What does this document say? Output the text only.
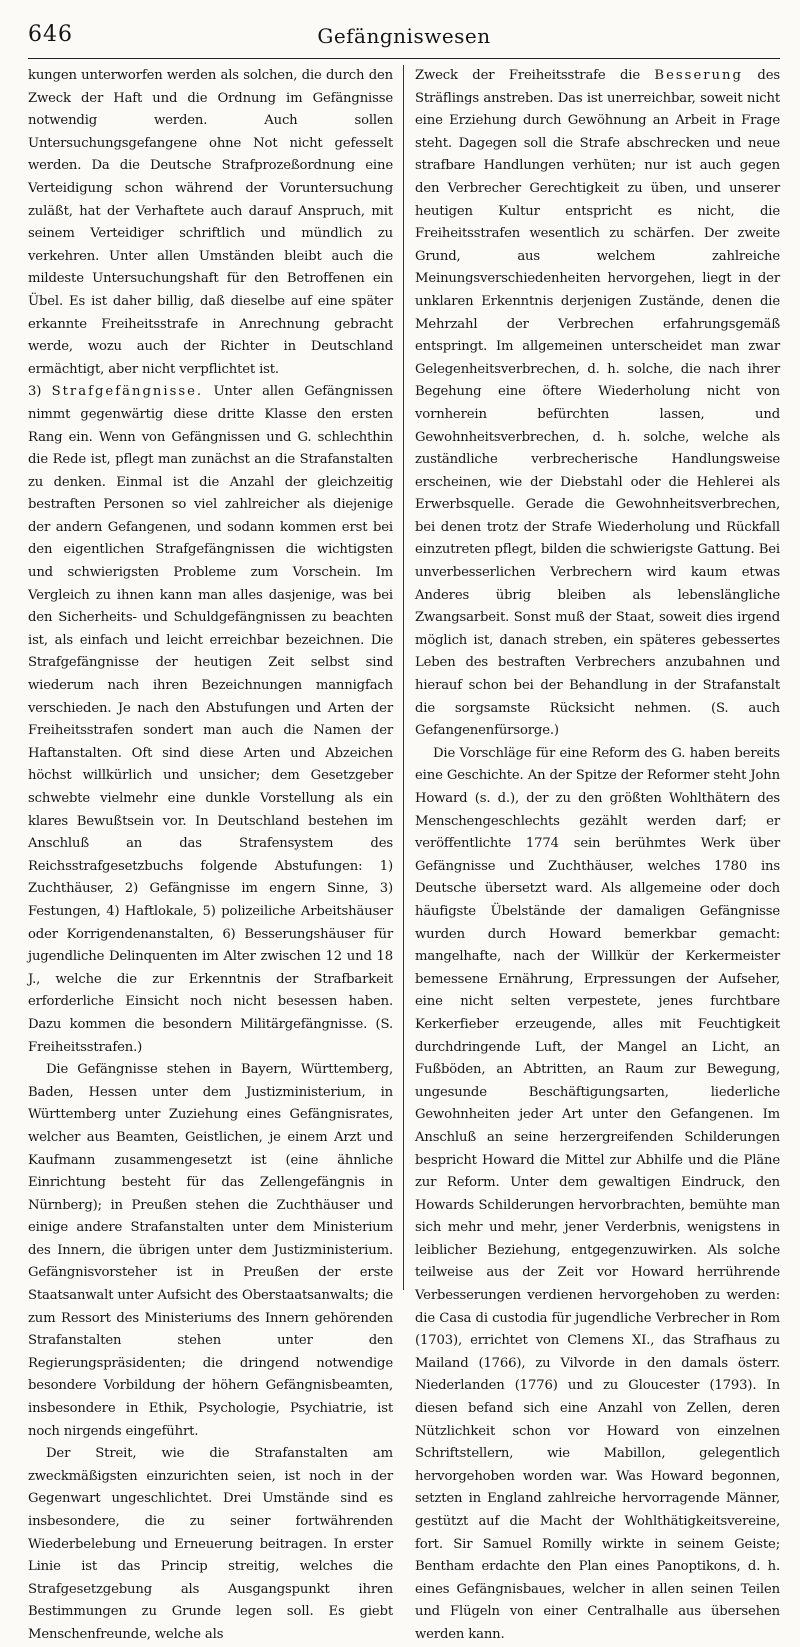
646	Gefängniswesen

kungen unterworfen werden als solchen, die durch den Zweck der Haft und die Ordnung im Gefängnisse notwendig werden. Auch sollen Untersuchungsgefangene ohne Not nicht gefesselt werden. Da die Deutsche Strafprozeßordnung eine Verteidigung schon während der Voruntersuchung zuläßt, hat der Verhaftete auch darauf Anspruch, mit seinem Verteidiger schriftlich und mündlich zu verkehren. Unter allen Umständen bleibt auch die mildeste Untersuchungshaft für den Betroffenen ein Übel. Es ist daher billig, daß dieselbe auf eine später erkannte Freiheitsstrafe in Anrechnung gebracht werde, wozu auch der Richter in Deutschland ermächtigt, aber nicht verpflichtet ist.

3) Strafgefängnisse. Unter allen Gefängnissen nimmt gegenwärtig diese dritte Klasse den ersten Rang ein. Wenn von Gefängnissen und G. schlechthin die Rede ist, pflegt man zunächst an die Strafanstalten zu denken. Einmal ist die Anzahl der gleichzeitig bestraften Personen so viel zahlreicher als diejenige der andern Gefangenen, und sodann kommen erst bei den eigentlichen Strafgefängnissen die wichtigsten und schwierigsten Probleme zum Vorschein. Im Vergleich zu ihnen kann man alles dasjenige, was bei den Sicherheits- und Schuldgefängnissen zu beachten ist, als einfach und leicht erreichbar bezeichnen. Die Strafgefängnisse der heutigen Zeit selbst sind wiederum nach ihren Bezeichnungen mannigfach verschieden. Je nach den Abstufungen und Arten der Freiheitsstrafen sondert man auch die Namen der Haftanstalten. Oft sind diese Arten und Abzeichen höchst willkürlich und unsicher; dem Gesetzgeber schwebte vielmehr eine dunkle Vorstellung als ein klares Bewußtsein vor. In Deutschland bestehen im Anschluß an das Strafensystem des Reichsstrafgesetzbuchs folgende Abstufungen: 1) Zuchthäuser, 2) Gefängnisse im engern Sinne, 3) Festungen, 4) Haftlokale, 5) polizeiliche Arbeitshäuser oder Korrigendenanstalten, 6) Besserungshäuser für jugendliche Delinquenten im Alter zwischen 12 und 18 J., welche die zur Erkenntnis der Strafbarkeit erforderliche Einsicht noch nicht besessen haben. Dazu kommen die besondern Militärgefängnisse. (S. Freiheitsstrafen.)

Die Gefängnisse stehen in Bayern, Württemberg, Baden, Hessen unter dem Justizministerium, in Württemberg unter Zuziehung eines Gefängnisrates, welcher aus Beamten, Geistlichen, je einem Arzt und Kaufmann zusammengesetzt ist (eine ähnliche Einrichtung besteht für das Zellengefängnis in Nürnberg); in Preußen stehen die Zuchthäuser und einige andere Strafanstalten unter dem Ministerium des Innern, die übrigen unter dem Justizministerium. Gefängnisvorsteher ist in Preußen der erste Staatsanwalt unter Aufsicht des Oberstaatsanwalts; die zum Ressort des Ministeriums des Innern gehörenden Strafanstalten stehen unter den Regierungspräsidenten; die dringend notwendige besondere Vorbildung der höhern Gefängnisbeamten, insbesondere in Ethik, Psychologie, Psychiatrie, ist noch nirgends eingeführt.

Der Streit, wie die Strafanstalten am zweckmäßigsten einzurichten seien, ist noch in der Gegenwart ungeschlichtet. Drei Umstände sind es insbesondere, die zu seiner fortwährenden Wiederbelebung und Erneuerung beitragen. In erster Linie ist das Princip streitig, welches die Strafgesetzgebung als Ausgangspunkt ihren Bestimmungen zu Grunde legen soll. Es giebt Menschenfreunde, welche als

Zweck der Freiheitsstrafe die Besserung des Sträflings anstreben. Das ist unerreichbar, soweit nicht eine Erziehung durch Gewöhnung an Arbeit in Frage steht. Dagegen soll die Strafe abschrecken und neue strafbare Handlungen verhüten; nur ist auch gegen den Verbrecher Gerechtigkeit zu üben, und unserer heutigen Kultur entspricht es nicht, die Freiheitsstrafen wesentlich zu schärfen. Der zweite Grund, aus welchem zahlreiche Meinungsverschiedenheiten hervorgehen, liegt in der unklaren Erkenntnis derjenigen Zustände, denen die Mehrzahl der Verbrechen erfahrungsgemäß entspringt. Im allgemeinen unterscheidet man zwar Gelegenheitsverbrechen, d. h. solche, die nach ihrer Begehung eine öftere Wiederholung nicht von vornherein befürchten lassen, und Gewohnheitsverbrechen, d. h. solche, welche als zuständliche verbrecherische Handlungsweise erscheinen, wie der Diebstahl oder die Hehlerei als Erwerbsquelle. Gerade die Gewohnheitsverbrechen, bei denen trotz der Strafe Wiederholung und Rückfall einzutreten pflegt, bilden die schwierigste Gattung. Bei unverbesserlichen Verbrechern wird kaum etwas Anderes übrig bleiben als lebenslängliche Zwangsarbeit. Sonst muß der Staat, soweit dies irgend möglich ist, danach streben, ein späteres gebessertes Leben des bestraften Verbrechers anzubahnen und hierauf schon bei der Behandlung in der Strafanstalt die sorgsamste Rücksicht nehmen. (S. auch Gefangenenfürsorge.)

Die Vorschläge für eine Reform des G. haben bereits eine Geschichte. An der Spitze der Reformer steht John Howard (s. d.), der zu den größten Wohlthätern des Menschengeschlechts gezählt werden darf; er veröffentlichte 1774 sein berühmtes Werk über Gefängnisse und Zuchthäuser, welches 1780 ins Deutsche übersetzt ward. Als allgemeine oder doch häufigste Übelstände der damaligen Gefängnisse wurden durch Howard bemerkbar gemacht: mangelhafte, nach der Willkür der Kerkermeister bemessene Ernährung, Erpressungen der Aufseher, eine nicht selten verpestete, jenes furchtbare Kerkerfieber erzeugende, alles mit Feuchtigkeit durchdringende Luft, der Mangel an Licht, an Fußböden, an Abtritten, an Raum zur Bewegung, ungesunde Beschäftigungsarten, liederliche Gewohnheiten jeder Art unter den Gefangenen. Im Anschluß an seine herzergreifenden Schilderungen bespricht Howard die Mittel zur Abhilfe und die Pläne zur Reform. Unter dem gewaltigen Eindruck, den Howards Schilderungen hervorbrachten, bemühte man sich mehr und mehr, jener Verderbnis, wenigstens in leiblicher Beziehung, entgegenzuwirken. Als solche teilweise aus der Zeit vor Howard herrührende Verbesserungen verdienen hervorgehoben zu werden: die Casa di custodia für jugendliche Verbrecher in Rom (1703), errichtet von Clemens XI., das Strafhaus zu Mailand (1766), zu Vilvorde in den damals österr. Niederlanden (1776) und zu Gloucester (1793). In diesen befand sich eine Anzahl von Zellen, deren Nützlichkeit schon vor Howard von einzelnen Schriftstellern, wie Mabillon, gelegentlich hervorgehoben worden war. Was Howard begonnen, setzten in England zahlreiche hervorragende Männer, gestützt auf die Macht der Wohlthätigkeitsvereine, fort. Sir Samuel Romilly wirkte in seinem Geiste; Bentham erdachte den Plan eines Panoptikons, d. h. eines Gefängnisbaues, welcher in allen seinen Teilen und Flügeln von einer Centralhalle aus übersehen werden kann.
